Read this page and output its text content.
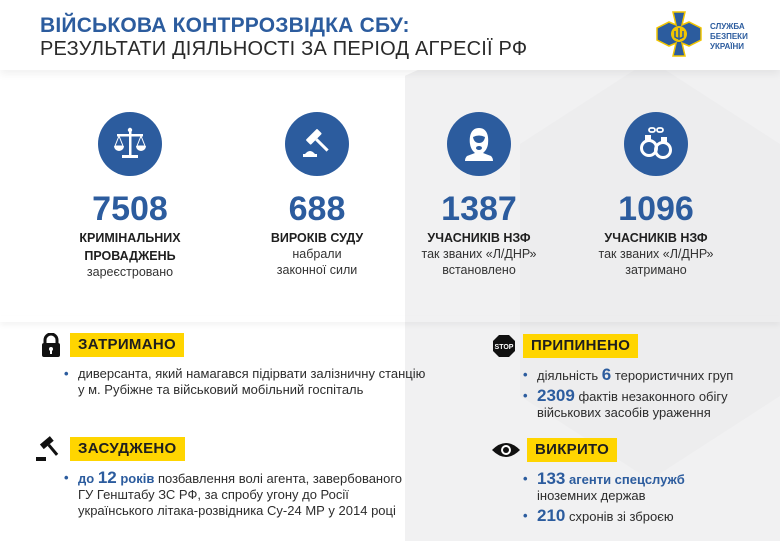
ВІЙСЬКОВА КОНТРРОЗВІДКА СБУ:
РЕЗУЛЬТАТИ ДІЯЛЬНОСТІ ЗА ПЕРІОД АГРЕСІЇ РФ
СЛУЖБА
БЕЗПЕКИ
УКРАЇНИ
7508
КРИМІНАЛЬНИХ
ПРОВАДЖЕНЬ
зареєстровано
688
ВИРОКІВ СУДУ
набрали
законної сили
1387
УЧАСНИКІВ НЗФ
так званих «Л/ДНР»
встановлено
1096
УЧАСНИКІВ НЗФ
так званих «Л/ДНР»
затримано
ЗАТРИМАНО
• диверсанта, який намагався підірвати залізничну станцію
у м. Рубіжне та військовий мобільний госпіталь
ЗАСУДЖЕНО
• до 12 років позбавлення волі агента, завербованого
ГУ Генштабу ЗС РФ, за спробу угону до Росії
українського літака-розвідника Су-24 МР у 2014 році
STOP	ПРИПИНЕНО
• діяльність 6 терористичних груп
• 2309 фактів незаконного обігу
військових засобів ураження
ВИКРИТО
• 133 агенти спецслужб
іноземних держав
• 210 схронів зі зброєю
